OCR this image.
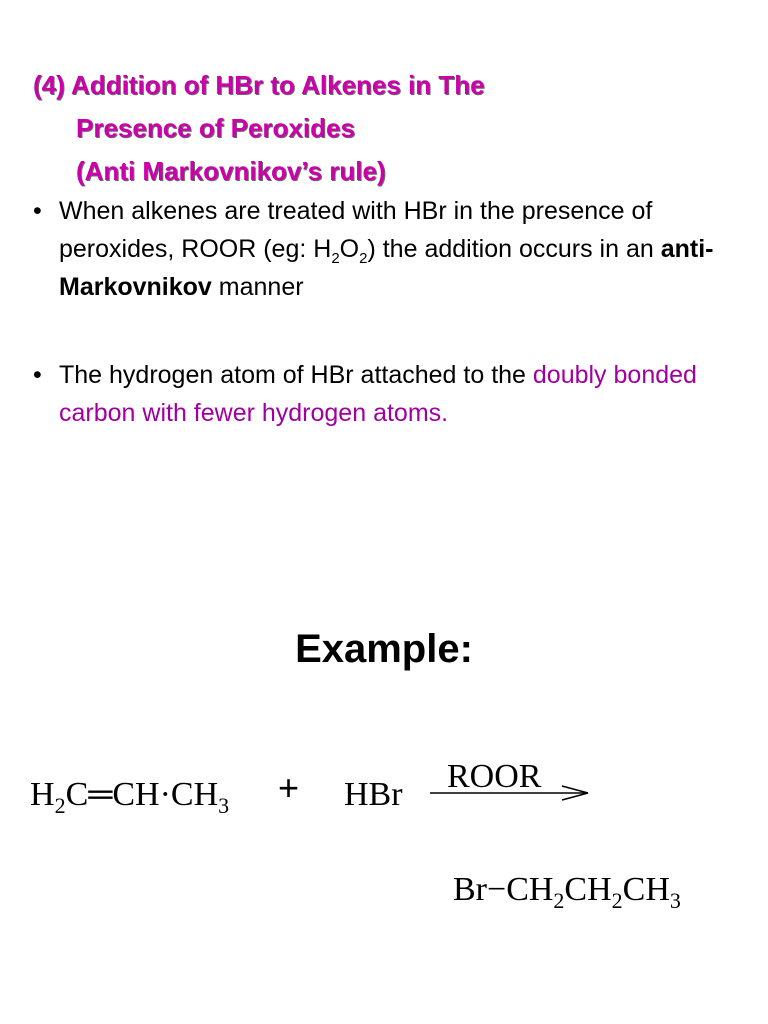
(4) Addition of HBr to Alkenes in The
Presence of Peroxides
(Anti Markovnikov’s rule)
• When alkenes are treated with HBr in the presence of peroxides, ROOR (eg: $H_2O_2$) the addition occurs in an anti-Markovnikov manner
• The hydrogen atom of HBr attached to the doubly bonded carbon with fewer hydrogen atoms.
Example:
$H_2C═CH\cdot CH_3$ + HBr ROOR
$Br-CH_2CH_2CH_3$
